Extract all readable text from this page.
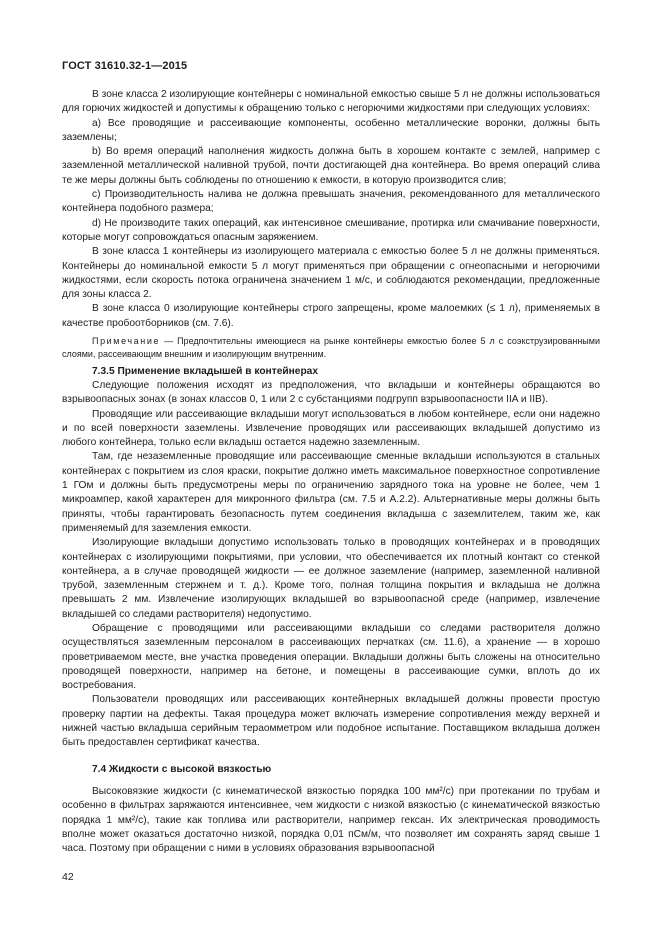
ГОСТ 31610.32-1—2015

В зоне класса 2 изолирующие контейнеры с номинальной емкостью свыше 5 л не должны использоваться для горючих жидкостей и допустимы к обращению только с негорючими жидкостями при следующих условиях:

а) Все проводящие и рассеивающие компоненты, особенно металлические воронки, должны быть заземлены;

b) Во время операций наполнения жидкость должна быть в хорошем контакте с землей, например с заземленной металлической наливной трубой, почти достигающей дна контейнера. Во время операций слива те же меры должны быть соблюдены по отношению к емкости, в которую производится слив;

с) Производительность налива не должна превышать значения, рекомендованного для металлического контейнера подобного размера;

d) Не производите таких операций, как интенсивное смешивание, протирка или смачивание поверхности, которые могут сопровождаться опасным заряжением.

В зоне класса 1 контейнеры из изолирующего материала с емкостью более 5 л не должны применяться. Контейнеры до номинальной емкости 5 л могут применяться при обращении с огнеопасными и негорючими жидкостями, если скорость потока ограничена значением 1 м/с, и соблюдаются рекомендации, предложенные для зоны класса 2.

В зоне класса 0 изолирующие контейнеры строго запрещены, кроме малоемких (≤ 1 л), применяемых в качестве пробоотборников (см. 7.6).

Примечание — Предпочтительны имеющиеся на рынке контейнеры емкостью более 5 л с соэкструзированными слоями, рассеивающим внешним и изолирующим внутренним.

7.3.5 Применение вкладышей в контейнерах

Следующие положения исходят из предположения, что вкладыши и контейнеры обращаются во взрывоопасных зонах (в зонах классов 0, 1 или 2 с субстанциями подгрупп взрывоопасности IIA и IIB).

Проводящие или рассеивающие вкладыши могут использоваться в любом контейнере, если они надежно и по всей поверхности заземлены. Извлечение проводящих или рассеивающих вкладышей допустимо из любого контейнера, только если вкладыш остается надежно заземленным.

Там, где незаземленные проводящие или рассеивающие сменные вкладыши используются в стальных контейнерах с покрытием из слоя краски, покрытие должно иметь максимальное поверхностное сопротивление 1 ГОм и должны быть предусмотрены меры по ограничению зарядного тока на уровне не более, чем 1 микроампер, какой характерен для микронного фильтра (см. 7.5 и А.2.2). Альтернативные меры должны быть приняты, чтобы гарантировать безопасность путем соединения вкладыша с заземлителем, таким же, как применяемый для заземления емкости.

Изолирующие вкладыши допустимо использовать только в проводящих контейнерах и в проводящих контейнерах с изолирующими покрытиями, при условии, что обеспечивается их плотный контакт со стенкой контейнера, а в случае проводящей жидкости — ее должное заземление (например, заземленной наливной трубой, заземленным стержнем и т. д.). Кроме того, полная толщина покрытия и вкладыша не должна превышать 2 мм. Извлечение изолирующих вкладышей во взрывоопасной среде (например, извлечение вкладышей со следами растворителя) недопустимо.

Обращение с проводящими или рассеивающими вкладыши со следами растворителя должно осуществляться заземленным персоналом в рассеивающих перчатках (см. 11.6), а хранение — в хорошо проветриваемом месте, вне участка проведения операции. Вкладыши должны быть сложены на относительно проводящей поверхности, например на бетоне, и помещены в рассеивающие сумки, вплоть до их востребования.

Пользователи проводящих или рассеивающих контейнерных вкладышей должны провести простую проверку партии на дефекты. Такая процедура может включать измерение сопротивления между верхней и нижней частью вкладыша серийным тераомметром или подобное испытание. Поставщиком вкладыша должен быть предоставлен сертификат качества.

7.4 Жидкости с высокой вязкостью

Высоковязкие жидкости (с кинематической вязкостью порядка 100 мм²/с) при протекании по трубам и особенно в фильтрах заряжаются интенсивнее, чем жидкости с низкой вязкостью (с кинематической вязкостью порядка 1 мм²/с), такие как топлива или растворители, например гексан. Их электрическая проводимость вполне может оказаться достаточно низкой, порядка 0,01 пСм/м, что позволяет им сохранять заряд свыше 1 часа. Поэтому при обращении с ними в условиях образования взрывоопасной

42
